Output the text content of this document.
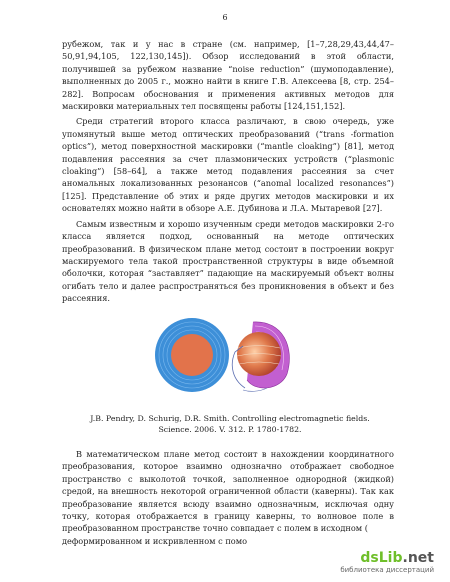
6

рубежом, так и у нас в стране (см. например, [1–7,28,29,43,44,47–50,91,94,105, 122,130,145]). Обзор исследований в этой области, получившей за рубежом название “noise reduction” (шумоподавление), выполненных до 2005 г., можно найти в книге Г.В. Алексеева [8, стр. 254–282]. Вопросам обоснования и применения активных методов для маскировки материальных тел посвящены работы [124,151,152].

Среди стратегий второго класса различают, в свою очередь, уже упомянутый выше метод оптических преобразований (“trans -formation optics”), метод поверхностной маскировки (“mantle cloaking”) [81], метод подавления рассеяния за счет плазмонических устройств (“plasmonic cloaking”) [58–64], а также метод подавления рассеяния за счет аномальных локализованных резонансов (“anomal localized resonances”) [125]. Представление об этих и ряде других методов маскировки и их основателях можно найти в обзоре А.Е. Дубинова и Л.А. Мытаревой [27].

Самым известным и хорошо изученным среди методов маскировки 2-го класса является подход, основанный на методе оптических преобразований. В физическом плане метод состоит в построении вокруг маскируемого тела такой пространственной структуры в виде объемной оболочки, которая “заставляет” падающие на маскируемый объект волны огибать тело и далее распространяться без проникновения в объект и без рассеяния.

J.B. Pendry, D. Schurig, D.R. Smith. Controlling electromagnetic fields. Science. 2006. V. 312. P. 1780-1782.

В математическом плане метод состоит в нахождении координатного преобразования, которое взаимно однозначно отображает свободное пространство с выколотой точкой, заполненное однородной (жидкой) средой, на внешность некоторой ограниченной области (каверны). Так как преобразование является всюду взаимно однозначным, исключая одну точку, которая отображается в границу каверны, то волновое поле в преобразованном пространстве точно совпадает с полем в исходном (

деформированном и искривленном с помо

dsLib.net
библиотека диссертаций
